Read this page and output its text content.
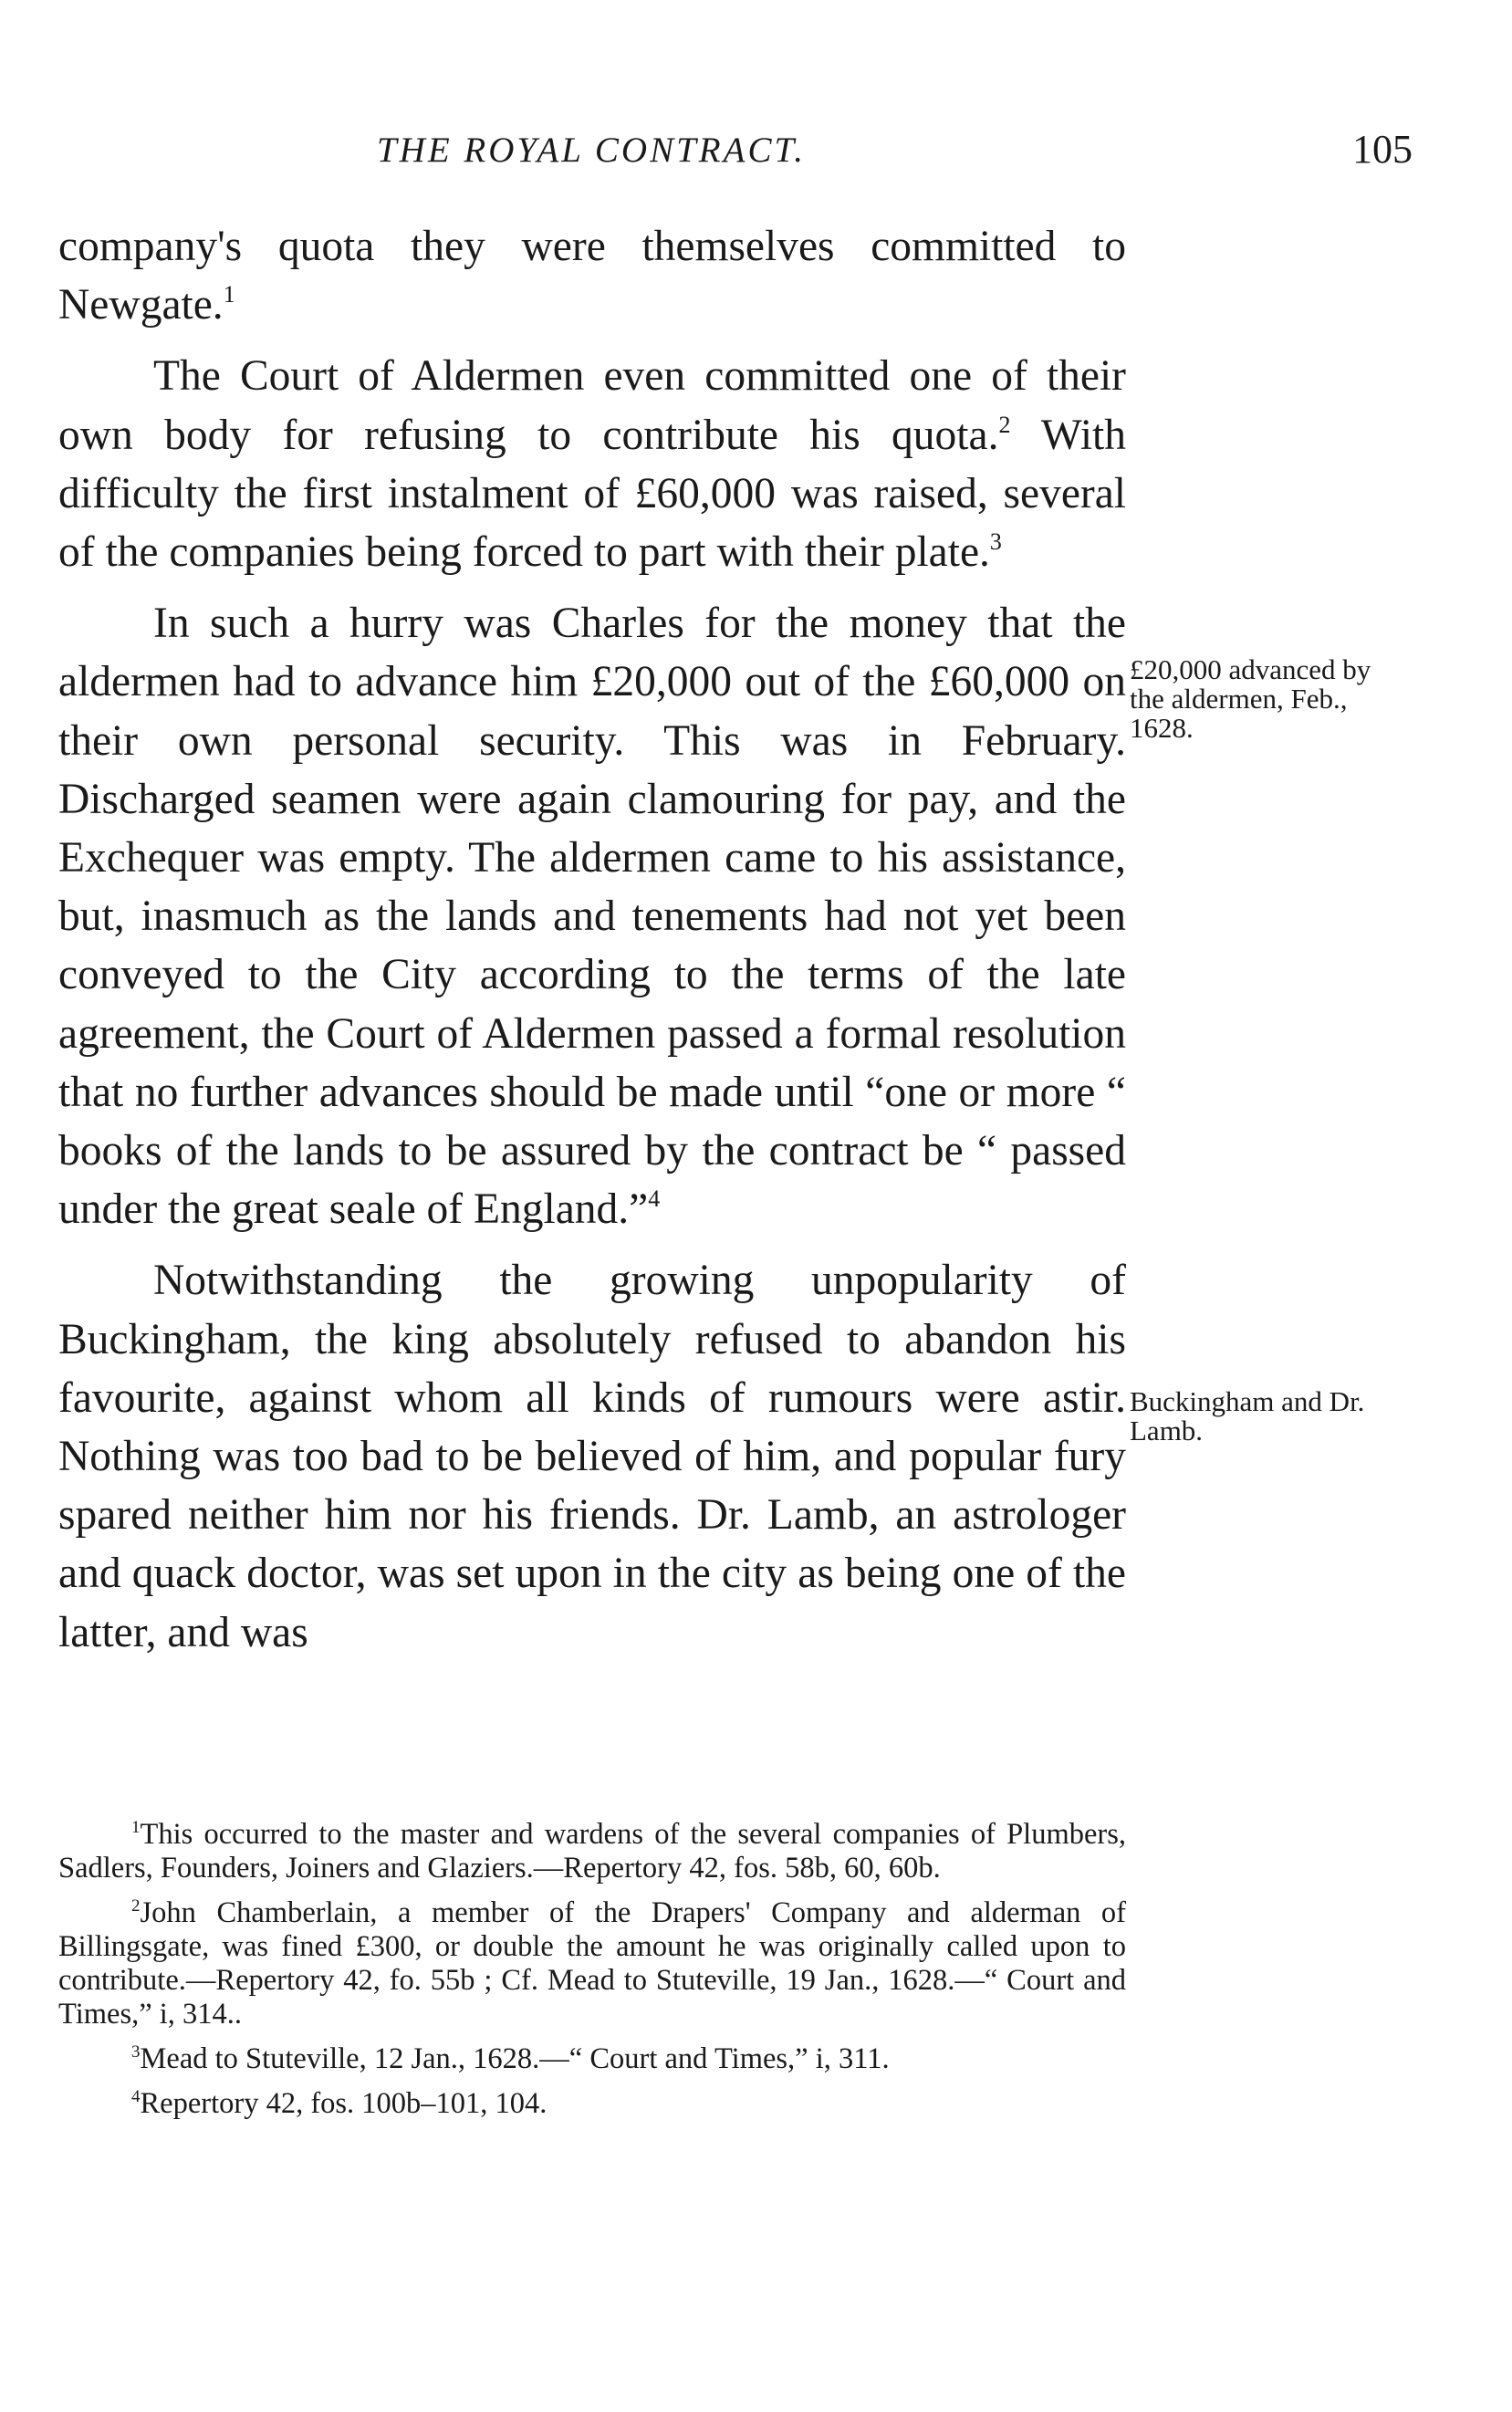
THE ROYAL CONTRACT.	105

company's quota they were themselves committed to Newgate.$^1$

The Court of Aldermen even committed one of their own body for refusing to contribute his quota.$^2$ With difficulty the first instalment of £60,000 was raised, several of the companies being forced to part with their plate.$^3$

In such a hurry was Charles for the money that the aldermen had to advance him £20,000 out of the £60,000 on their own personal security. This was in February. Discharged seamen were again clamouring for pay, and the Exchequer was empty. The aldermen came to his assistance, but, inasmuch as the lands and tenements had not yet been conveyed to the City according to the terms of the late agreement, the Court of Aldermen passed a formal resolution that no further advances should be made until “one or more “ books of the lands to be assured by the contract be “ passed under the great seale of England.”$^4$

Notwithstanding the growing unpopularity of Buckingham, the king absolutely refused to abandon his favourite, against whom all kinds of rumours were astir. Nothing was too bad to be believed of him, and popular fury spared neither him nor his friends. Dr. Lamb, an astrologer and quack doctor, was set upon in the city as being one of the latter, and was

£20,000 advanced by the aldermen, Feb., 1628.
Buckingham and Dr. Lamb.

$^1$This occurred to the master and wardens of the several companies of Plumbers, Sadlers, Founders, Joiners and Glaziers.—Repertory 42, fos. 58b, 60, 60b.

$^2$John Chamberlain, a member of the Drapers' Company and alderman of Billingsgate, was fined £300, or double the amount he was originally called upon to contribute.—Repertory 42, fo. 55b ; Cf. Mead to Stuteville, 19 Jan., 1628.—“ Court and Times,” i, 314..

$^3$Mead to Stuteville, 12 Jan., 1628.—“ Court and Times,” i, 311.

$^4$Repertory 42, fos. 100b–101, 104.
